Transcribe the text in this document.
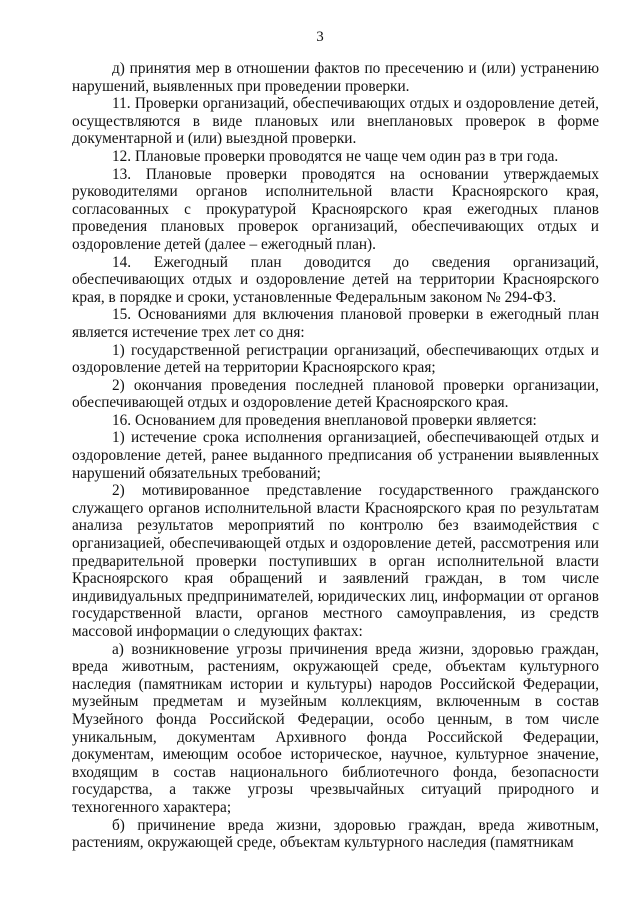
3

д) принятия мер в отношении фактов по пресечению и (или) устранению нарушений, выявленных при проведении проверки.

11. Проверки организаций, обеспечивающих отдых и оздоровление детей, осуществляются в виде плановых или внеплановых проверок в форме документарной и (или) выездной проверки.

12. Плановые проверки проводятся не чаще чем один раз в три года.

13. Плановые проверки проводятся на основании утверждаемых руководителями органов исполнительной власти Красноярского края, согласованных с прокуратурой Красноярского края ежегодных планов проведения плановых проверок организаций, обеспечивающих отдых и оздоровление детей (далее – ежегодный план).

14. Ежегодный план доводится до сведения организаций, обеспечивающих отдых и оздоровление детей на территории Красноярского края, в порядке и сроки, установленные Федеральным законом № 294-ФЗ.

15. Основаниями для включения плановой проверки в ежегодный план является истечение трех лет со дня:

1) государственной регистрации организаций, обеспечивающих отдых и оздоровление детей на территории Красноярского края;

2) окончания проведения последней плановой проверки организации, обеспечивающей отдых и оздоровление детей Красноярского края.

16. Основанием для проведения внеплановой проверки является:

1) истечение срока исполнения организацией, обеспечивающей отдых и оздоровление детей, ранее выданного предписания об устранении выявленных нарушений обязательных требований;

2) мотивированное представление государственного гражданского служащего органов исполнительной власти Красноярского края по результатам анализа результатов мероприятий по контролю без взаимодействия с организацией, обеспечивающей отдых и оздоровление детей, рассмотрения или предварительной проверки поступивших в орган исполнительной власти Красноярского края обращений и заявлений граждан, в том числе индивидуальных предпринимателей, юридических лиц, информации от органов государственной власти, органов местного самоуправления, из средств массовой информации о следующих фактах:

а) возникновение угрозы причинения вреда жизни, здоровью граждан, вреда животным, растениям, окружающей среде, объектам культурного наследия (памятникам истории и культуры) народов Российской Федерации, музейным предметам и музейным коллекциям, включенным в состав Музейного фонда Российской Федерации, особо ценным, в том числе уникальным, документам Архивного фонда Российской Федерации, документам, имеющим особое историческое, научное, культурное значение, входящим в состав национального библиотечного фонда, безопасности государства, а также угрозы чрезвычайных ситуаций природного и техногенного характера;

б) причинение вреда жизни, здоровью граждан, вреда животным, растениям, окружающей среде, объектам культурного наследия (памятникам
